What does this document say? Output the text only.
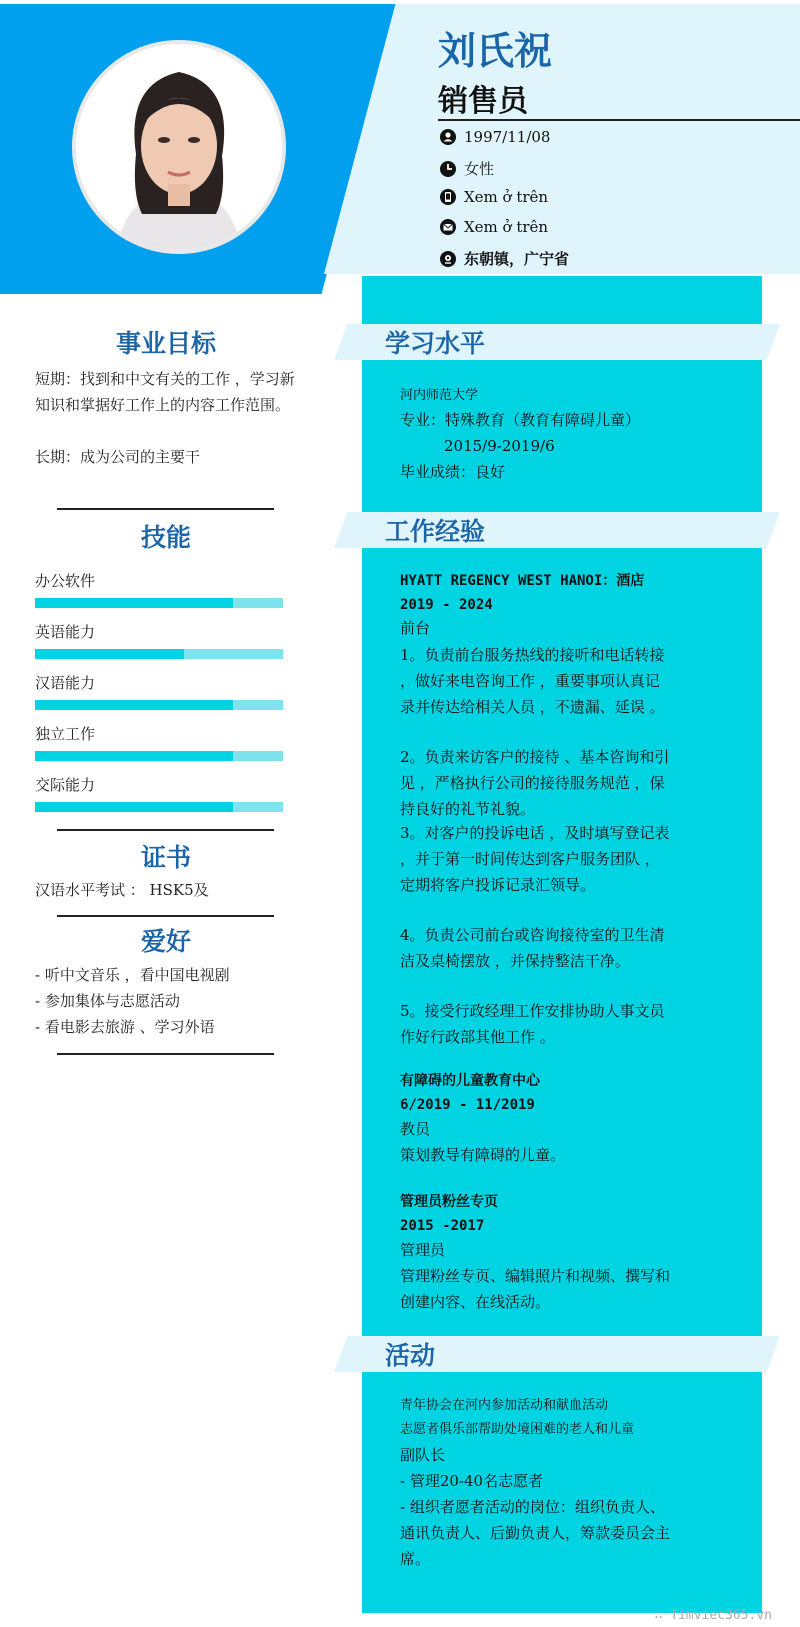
刘氏祝
销售员
1997/11/08
女性
Xem ở trên
Xem ở trên
东朝镇，广宁省
学习水平
河内师范大学
专业：特殊教育（教育有障碍儿童）
2015/9-2019/6
毕业成绩：良好
工作经验
HYATT REGENCY WEST HANOI：酒店
2019 - 2024
前台
1。负责前台服务热线的接听和电话转接 ，做好来电咨询工作 ，重要事项认真记录并传达给相关人员 ，不遗漏、延误 。
2。负责来访客户的接待 、基本咨询和引见 ，严格执行公司的接待服务规范 ，保持良好的礼节礼貌。
3。对客户的投诉电话 ，及时填写登记表 ，并于第一时间传达到客户服务团队 ，定期将客户投诉记录汇领导。
4。负责公司前台或咨询接待室的卫生清洁及桌椅摆放 ，并保持整洁干净。
5。接受行政经理工作安排协助人事文员作好行政部其他工作 。
有障碍的儿童教育中心
6/2019 - 11/2019
教员
策划教导有障碍的儿童。
管理员粉丝专页
2015 -2017
管理员
管理粉丝专页、编辑照片和视频、撰写和创建内容、在线活动。
活动
青年协会在河内参加活动和献血活动
志愿者俱乐部帮助处境困难的老人和儿童
副队长
- 管理20-40名志愿者
- 组织者愿者活动的岗位：组织负责人、通讯负责人、后勤负责人，筹款委员会主席。
事业目标
短期：找到和中文有关的工作 ，学习新知识和掌据好工作上的内容工作范围。
长期：成为公司的主要干
技能
办公软件
英语能力
汉语能力
独立工作
交际能力
证书
汉语水平考试 ： HSK5及
爱好
- 听中文音乐 ，看中国电视剧
- 参加集体与志愿活动
- 看电影去旅游 、学习外语
∴ Timviec365.vn
